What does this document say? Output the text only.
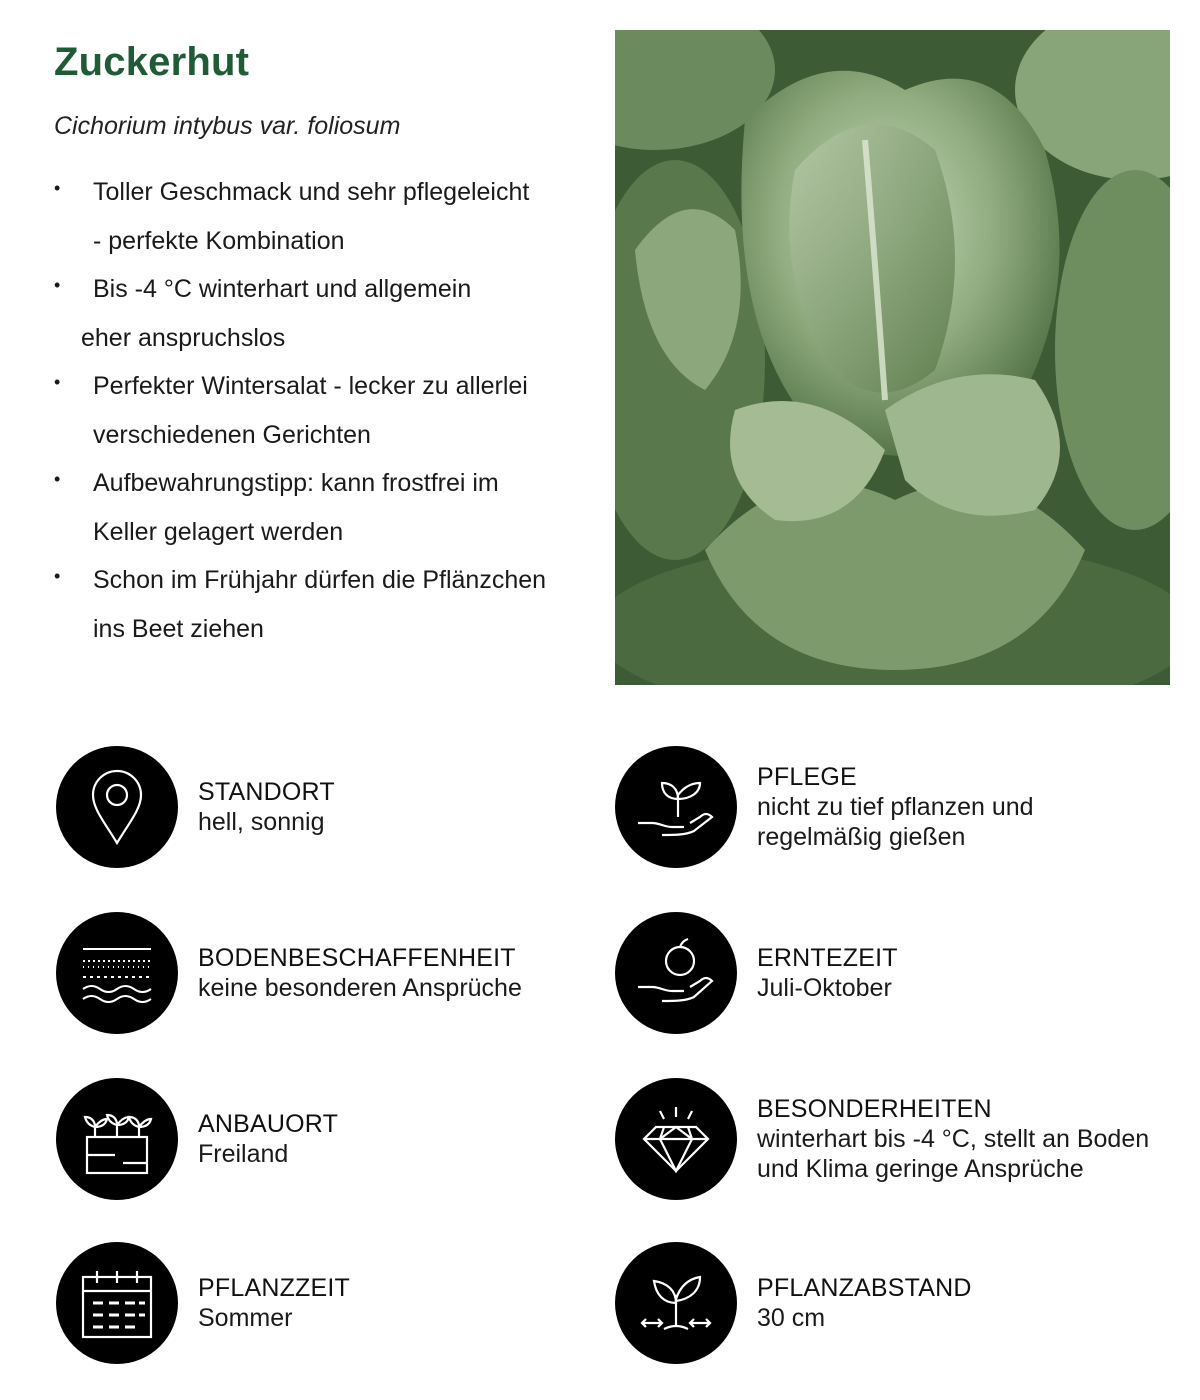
Zuckerhut

Cichorium intybus var. foliosum

• Toller Geschmack und sehr pflegeleicht
- perfekte Kombination
• Bis -4 °C winterhart und allgemein
eher anspruchslos
• Perfekter Wintersalat - lecker zu allerlei
verschiedenen Gerichten
• Aufbewahrungstipp: kann frostfrei im
Keller gelagert werden
• Schon im Frühjahr dürfen die Pflänzchen
ins Beet ziehen
STANDORT
hell, sonnig
BODENBESCHAFFENHEIT
keine besonderen Ansprüche
ANBAUORT
Freiland
PFLANZZEIT
Sommer
PFLEGE
nicht zu tief pflanzen und
regelmäßig gießen
ERNTEZEIT
Juli-Oktober
BESONDERHEITEN
winterhart bis -4 °C, stellt an Boden
und Klima geringe Ansprüche
PFLANZABSTAND
30 cm
